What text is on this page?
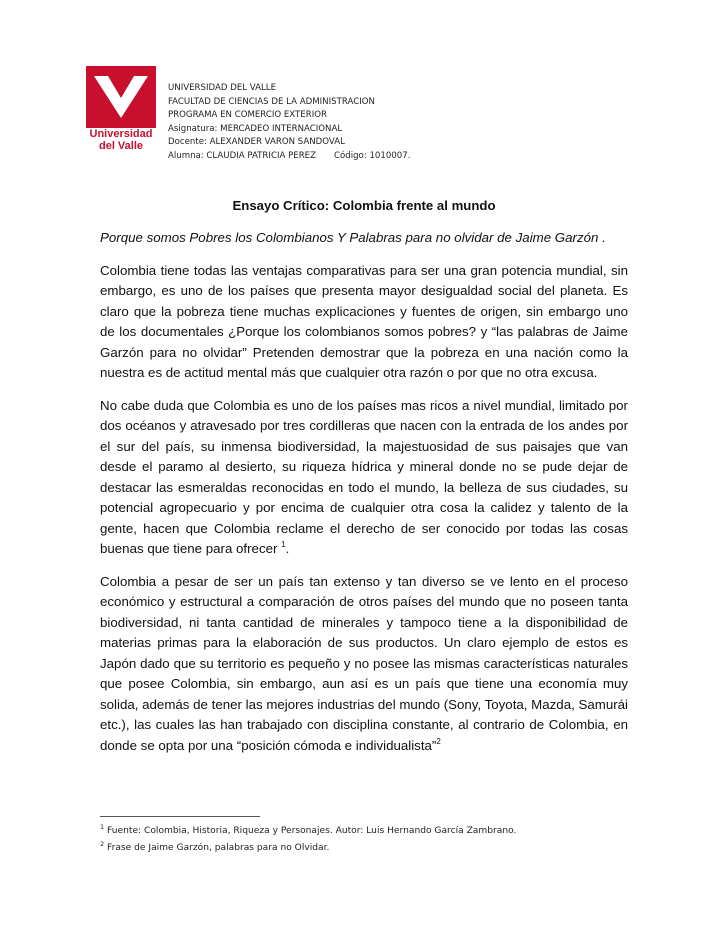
Universidad
del Valle
UNIVERSIDAD DEL VALLE
FACULTAD DE CIENCIAS DE LA ADMINISTRACION
PROGRAMA EN COMERCIO EXTERIOR
Asignatura: MERCADEO INTERNACIONAL
Docente: ALEXANDER VARON SANDOVAL
Alumna: CLAUDIA PATRICIA PEREZ Código: 1010007.
Ensayo Crítico: Colombia frente al mundo
Porque somos Pobres los Colombianos Y Palabras para no olvidar de Jaime Garzón .

Colombia tiene todas las ventajas comparativas para ser una gran potencia mundial, sin embargo, es uno de los países que presenta mayor desigualdad social del planeta. Es claro que la pobreza tiene muchas explicaciones y fuentes de origen, sin embargo uno de los documentales ¿Porque los colombianos somos pobres? y “las palabras de Jaime Garzón para no olvidar” Pretenden demostrar que la pobreza en una nación como la nuestra es de actitud mental más que cualquier otra razón o por que no otra excusa.

No cabe duda que Colombia es uno de los países mas ricos a nivel mundial, limitado por dos océanos y atravesado por tres cordilleras que nacen con la entrada de los andes por el sur del país, su inmensa biodiversidad, la majestuosidad de sus paisajes que van desde el paramo al desierto, su riqueza hídrica y mineral donde no se pude dejar de destacar las esmeraldas reconocidas en todo el mundo, la belleza de sus ciudades, su potencial agropecuario y por encima de cualquier otra cosa la calidez y talento de la gente, hacen que Colombia reclame el derecho de ser conocido por todas las cosas buenas que tiene para ofrecer $^1$.

Colombia a pesar de ser un país tan extenso y tan diverso se ve lento en el proceso económico y estructural a comparación de otros países del mundo que no poseen tanta biodiversidad, ni tanta cantidad de minerales y tampoco tiene a la disponibilidad de materias primas para la elaboración de sus productos. Un claro ejemplo de estos es Japón dado que su territorio es pequeño y no posee las mismas características naturales que posee Colombia, sin embargo, aun así es un país que tiene una economía muy solida, además de tener las mejores industrias del mundo (Sony, Toyota, Mazda, Samurái etc.), las cuales las han trabajado con disciplina constante, al contrario de Colombia, en donde se opta por una “posición cómoda e individualista”$^2$

$^1$ Fuente: Colombia, Historia, Riqueza y Personajes. Autor: Luis Hernando García Zambrano.
$^2$ Frase de Jaime Garzón, palabras para no Olvidar.
